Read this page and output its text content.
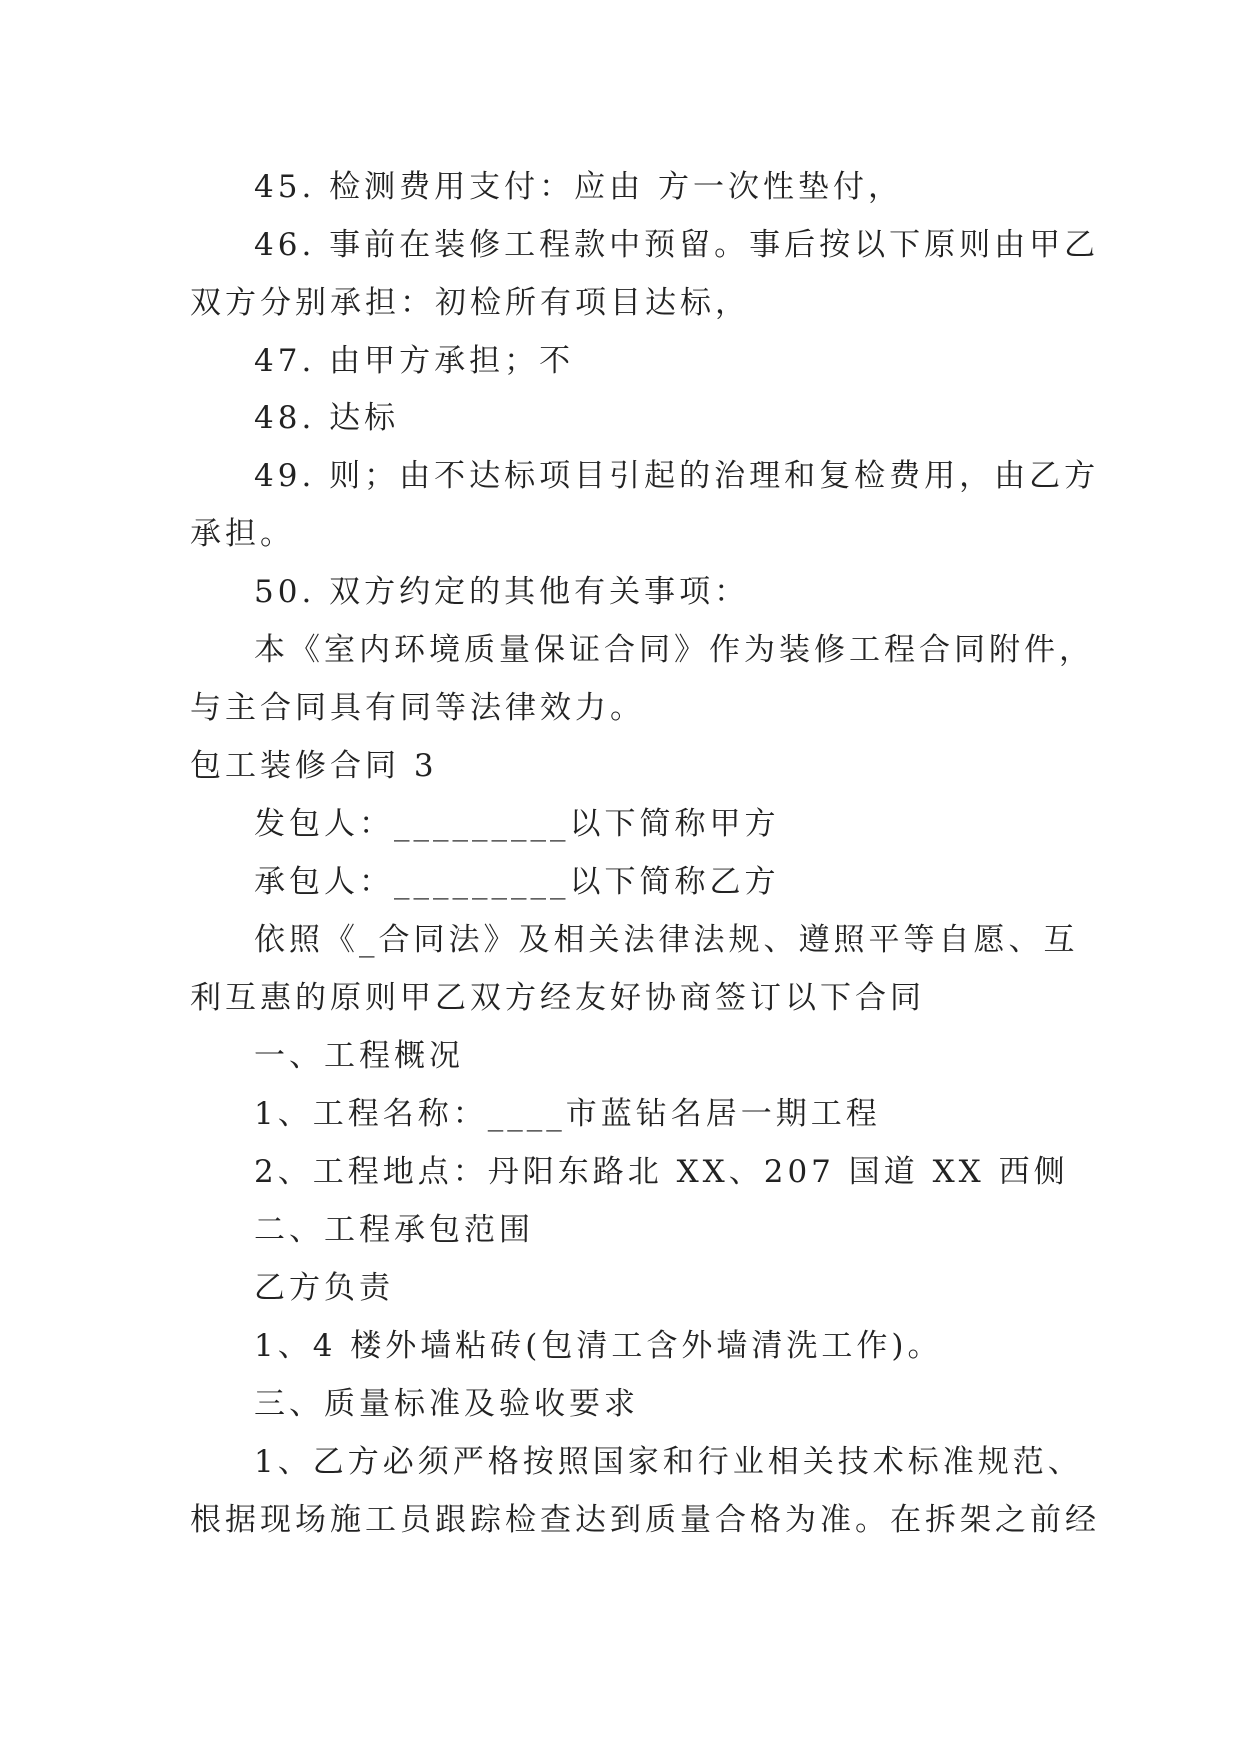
45. 检测费用支付：应由 方一次性垫付，
46. 事前在装修工程款中预留。事后按以下原则由甲乙
双方分别承担：初检所有项目达标，
47. 由甲方承担；不
48. 达标
49. 则；由不达标项目引起的治理和复检费用，由乙方
承担。
50. 双方约定的其他有关事项：
本《室内环境质量保证合同》作为装修工程合同附件，
与主合同具有同等法律效力。
包工装修合同 3
发包人：_________以下简称甲方
承包人：_________以下简称乙方
依照《_合同法》及相关法律法规、遵照平等自愿、互
利互惠的原则甲乙双方经友好协商签订以下合同
一、工程概况
1、工程名称：____市蓝钻名居一期工程
2、工程地点：丹阳东路北 XX、207 国道 XX 西侧
二、工程承包范围
乙方负责
1、4 楼外墙粘砖(包清工含外墙清洗工作)。
三、质量标准及验收要求
1、乙方必须严格按照国家和行业相关技术标准规范、
根据现场施工员跟踪检查达到质量合格为准。在拆架之前经
